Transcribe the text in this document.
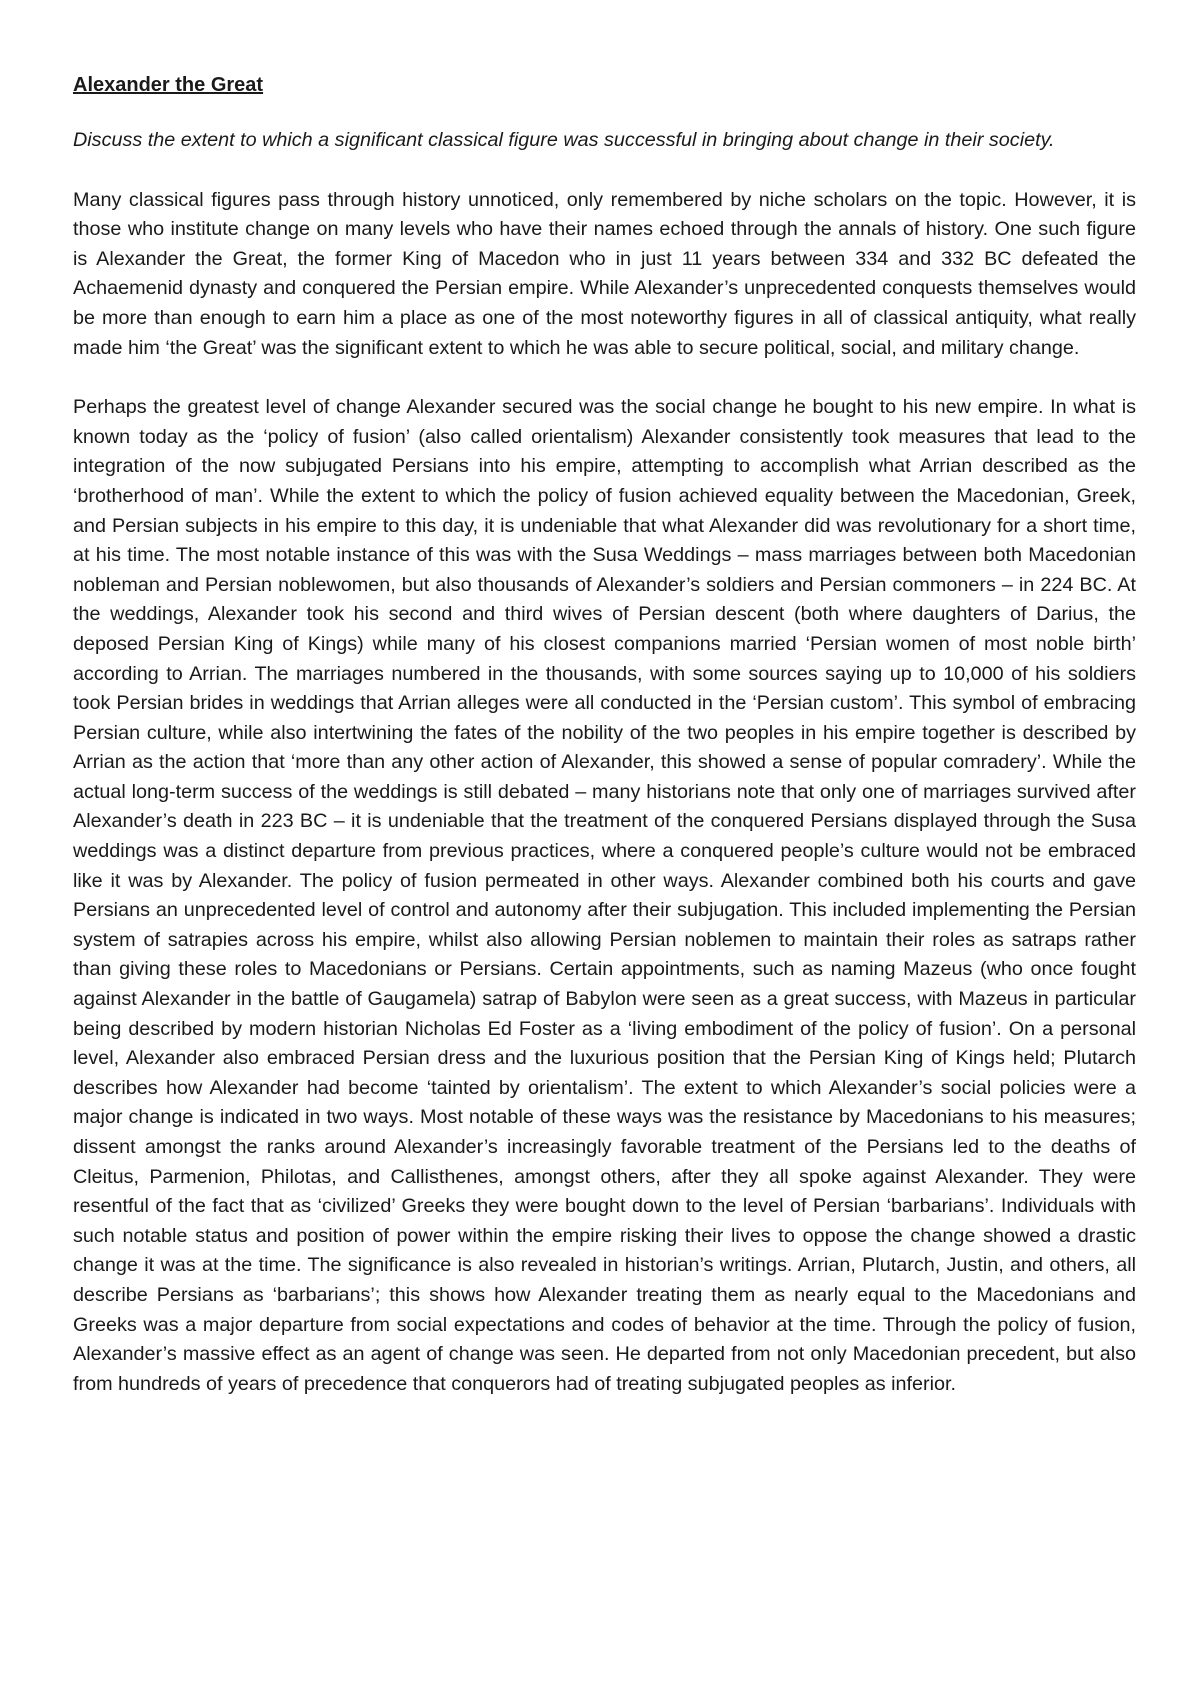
Alexander the Great
Discuss the extent to which a significant classical figure was successful in bringing about change in their society.
Many classical figures pass through history unnoticed, only remembered by niche scholars on the topic. However, it is those who institute change on many levels who have their names echoed through the annals of history. One such figure is Alexander the Great, the former King of Macedon who in just 11 years between 334 and 332 BC defeated the Achaemenid dynasty and conquered the Persian empire. While Alexander’s unprecedented conquests themselves would be more than enough to earn him a place as one of the most noteworthy figures in all of classical antiquity, what really made him ‘the Great’ was the significant extent to which he was able to secure political, social, and military change.
Perhaps the greatest level of change Alexander secured was the social change he bought to his new empire. In what is known today as the ‘policy of fusion’ (also called orientalism) Alexander consistently took measures that lead to the integration of the now subjugated Persians into his empire, attempting to accomplish what Arrian described as the ‘brotherhood of man’. While the extent to which the policy of fusion achieved equality between the Macedonian, Greek, and Persian subjects in his empire to this day, it is undeniable that what Alexander did was revolutionary for a short time, at his time. The most notable instance of this was with the Susa Weddings – mass marriages between both Macedonian nobleman and Persian noblewomen, but also thousands of Alexander’s soldiers and Persian commoners – in 224 BC. At the weddings, Alexander took his second and third wives of Persian descent (both where daughters of Darius, the deposed Persian King of Kings) while many of his closest companions married ‘Persian women of most noble birth’ according to Arrian. The marriages numbered in the thousands, with some sources saying up to 10,000 of his soldiers took Persian brides in weddings that Arrian alleges were all conducted in the ‘Persian custom’. This symbol of embracing Persian culture, while also intertwining the fates of the nobility of the two peoples in his empire together is described by Arrian as the action that ‘more than any other action of Alexander, this showed a sense of popular comradery’. While the actual long-term success of the weddings is still debated – many historians note that only one of marriages survived after Alexander’s death in 223 BC – it is undeniable that the treatment of the conquered Persians displayed through the Susa weddings was a distinct departure from previous practices, where a conquered people’s culture would not be embraced like it was by Alexander. The policy of fusion permeated in other ways. Alexander combined both his courts and gave Persians an unprecedented level of control and autonomy after their subjugation. This included implementing the Persian system of satrapies across his empire, whilst also allowing Persian noblemen to maintain their roles as satraps rather than giving these roles to Macedonians or Persians. Certain appointments, such as naming Mazeus (who once fought against Alexander in the battle of Gaugamela) satrap of Babylon were seen as a great success, with Mazeus in particular being described by modern historian Nicholas Ed Foster as a ‘living embodiment of the policy of fusion’. On a personal level, Alexander also embraced Persian dress and the luxurious position that the Persian King of Kings held; Plutarch describes how Alexander had become ‘tainted by orientalism’. The extent to which Alexander’s social policies were a major change is indicated in two ways. Most notable of these ways was the resistance by Macedonians to his measures; dissent amongst the ranks around Alexander’s increasingly favorable treatment of the Persians led to the deaths of Cleitus, Parmenion, Philotas, and Callisthenes, amongst others, after they all spoke against Alexander. They were resentful of the fact that as ‘civilized’ Greeks they were bought down to the level of Persian ‘barbarians’. Individuals with such notable status and position of power within the empire risking their lives to oppose the change showed a drastic change it was at the time. The significance is also revealed in historian’s writings. Arrian, Plutarch, Justin, and others, all describe Persians as ‘barbarians’; this shows how Alexander treating them as nearly equal to the Macedonians and Greeks was a major departure from social expectations and codes of behavior at the time. Through the policy of fusion, Alexander’s massive effect as an agent of change was seen. He departed from not only Macedonian precedent, but also from hundreds of years of precedence that conquerors had of treating subjugated peoples as inferior.
